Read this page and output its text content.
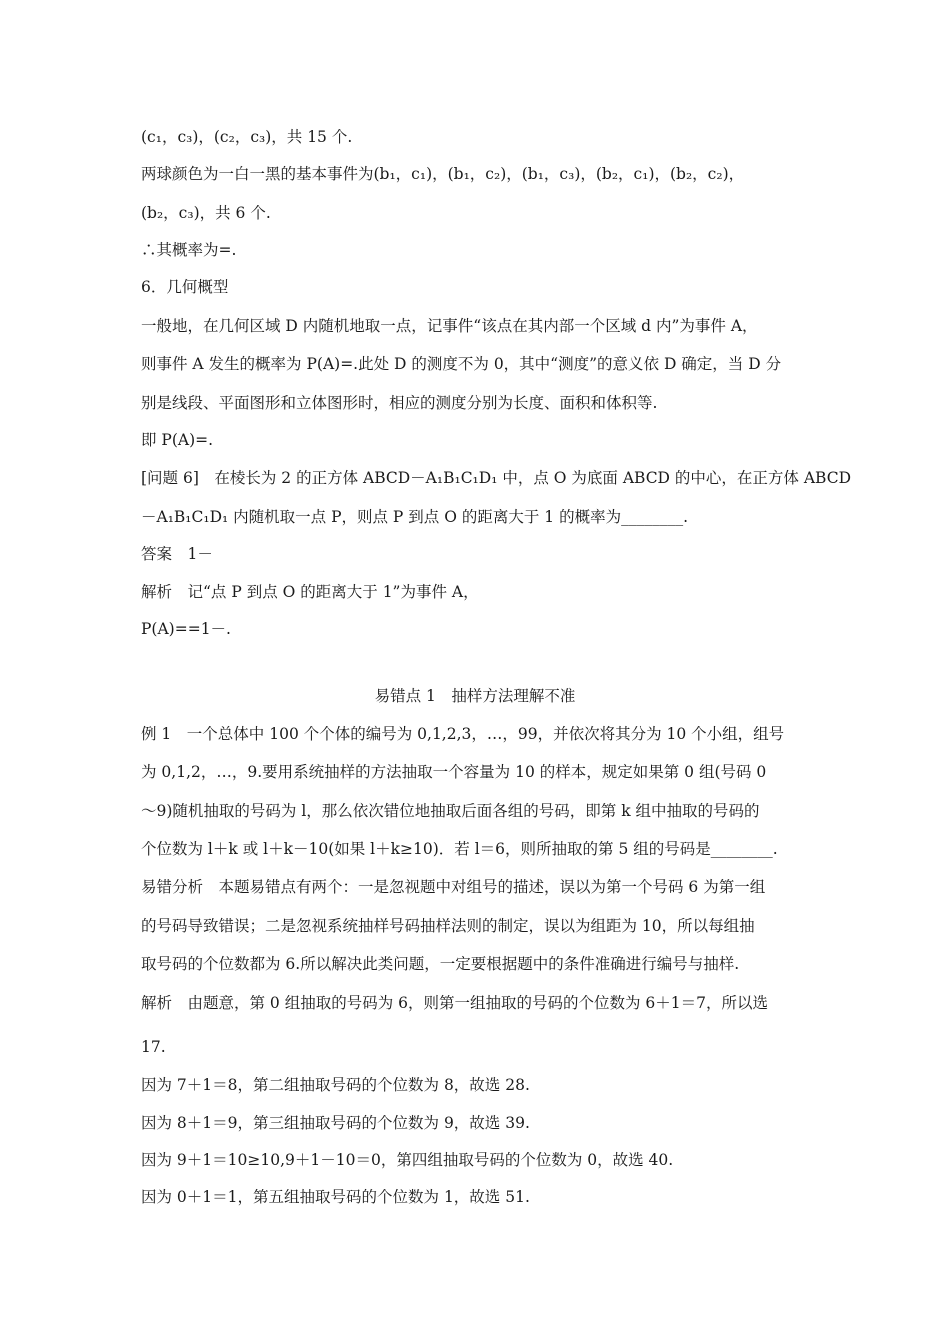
(c₁，c₃)，(c₂，c₃)，共 15 个.
两球颜色为一白一黑的基本事件为(b₁，c₁)，(b₁，c₂)，(b₁，c₃)，(b₂，c₁)，(b₂，c₂)，
(b₂，c₃)，共 6 个.
∴其概率为=.
6．几何概型
一般地，在几何区域 D 内随机地取一点，记事件“该点在其内部一个区域 d 内”为事件 A，
则事件 A 发生的概率为 P(A)=.此处 D 的测度不为 0，其中“测度”的意义依 D 确定，当 D 分
别是线段、平面图形和立体图形时，相应的测度分别为长度、面积和体积等.
即 P(A)=.
[问题 6]　在棱长为 2 的正方体 ABCD－A₁B₁C₁D₁ 中，点 O 为底面 ABCD 的中心，在正方体 ABCD
－A₁B₁C₁D₁ 内随机取一点 P，则点 P 到点 O 的距离大于 1 的概率为________.
答案　1－
解析　记“点 P 到点 O 的距离大于 1”为事件 A，
P(A)==1－.
易错点 1　抽样方法理解不准
例 1　一个总体中 100 个个体的编号为 0,1,2,3，…，99，并依次将其分为 10 个小组，组号
为 0,1,2，…，9.要用系统抽样的方法抽取一个容量为 10 的样本，规定如果第 0 组(号码 0
～9)随机抽取的号码为 l，那么依次错位地抽取后面各组的号码，即第 k 组中抽取的号码的
个位数为 l＋k 或 l＋k－10(如果 l＋k≥10)．若 l＝6，则所抽取的第 5 组的号码是________.
易错分析　本题易错点有两个：一是忽视题中对组号的描述，误以为第一个号码 6 为第一组
的号码导致错误；二是忽视系统抽样号码抽样法则的制定，误以为组距为 10，所以每组抽
取号码的个位数都为 6.所以解决此类问题，一定要根据题中的条件准确进行编号与抽样.
解析　由题意，第 0 组抽取的号码为 6，则第一组抽取的号码的个位数为 6＋1＝7，所以选
17.
因为 7＋1＝8，第二组抽取号码的个位数为 8，故选 28.
因为 8＋1＝9，第三组抽取号码的个位数为 9，故选 39.
因为 9＋1＝10≥10,9＋1－10＝0，第四组抽取号码的个位数为 0，故选 40.
因为 0＋1＝1，第五组抽取号码的个位数为 1，故选 51.
